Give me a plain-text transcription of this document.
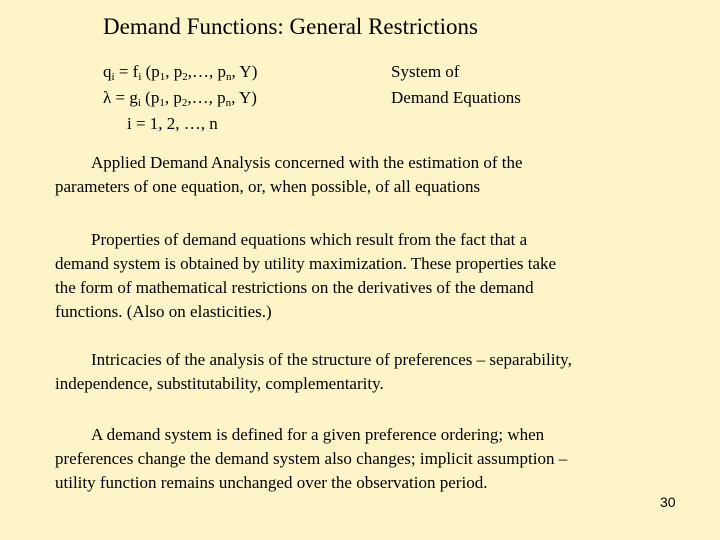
Demand Functions: General Restrictions
$q_i = f_i$ ($p_1$, $p_2,\dots$, $p_n$, Y)
$\lambda = g_i$ ($p_1$, $p_2,\dots$, $p_n$, Y)
i = 1, 2, …, n
System of
Demand Equations
Applied Demand Analysis concerned with the estimation of the
parameters of one equation, or, when possible, of all equations
Properties of demand equations which result from the fact that a
demand system is obtained by utility maximization. These properties take
the form of mathematical restrictions on the derivatives of the demand
functions. (Also on elasticities.)
Intricacies of the analysis of the structure of preferences – separability,
independence, substitutability, complementarity.
A demand system is defined for a given preference ordering; when
preferences change the demand system also changes; implicit assumption –
utility function remains unchanged over the observation period.
30
